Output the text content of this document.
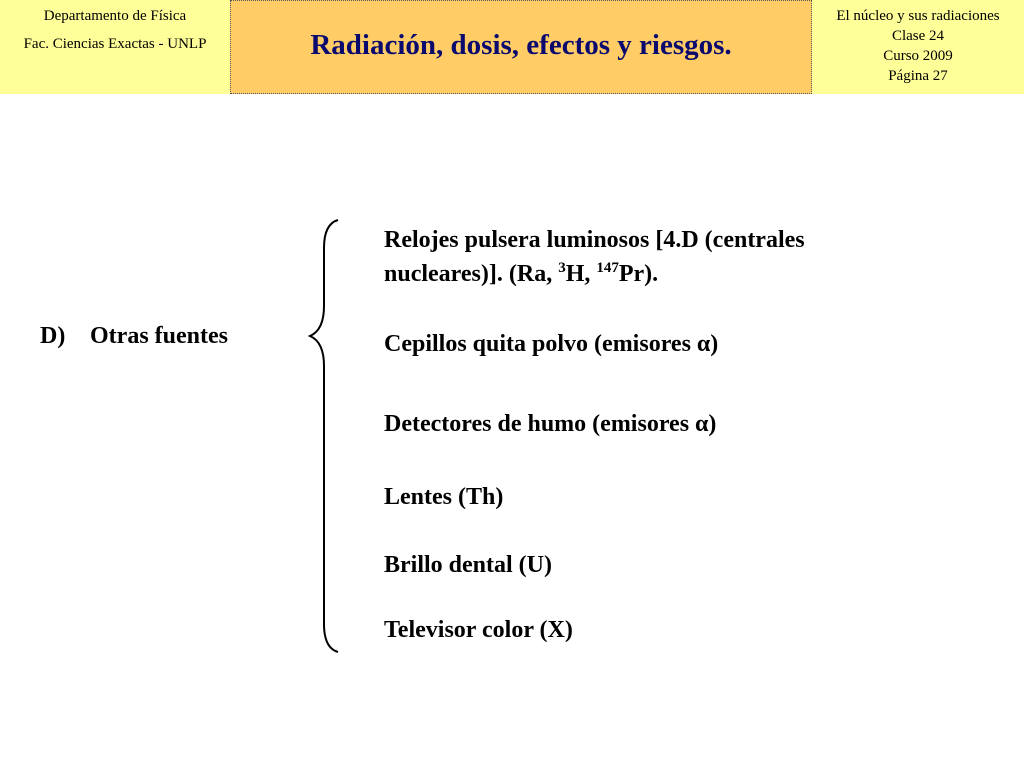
Departamento de Física
Fac. Ciencias Exactas - UNLP	Radiación, dosis, efectos y riesgos.
El núcleo y sus radiaciones
Clase 24
Curso 2009
Página 27
D) Otras fuentes
Relojes pulsera luminosos [4.D (centrales
nucleares)]. (Ra, $^3$H, $^{147}$Pr).
Cepillos quita polvo (emisores α)
Detectores de humo (emisores α)
Lentes (Th)
Brillo dental (U)
Televisor color (X)
